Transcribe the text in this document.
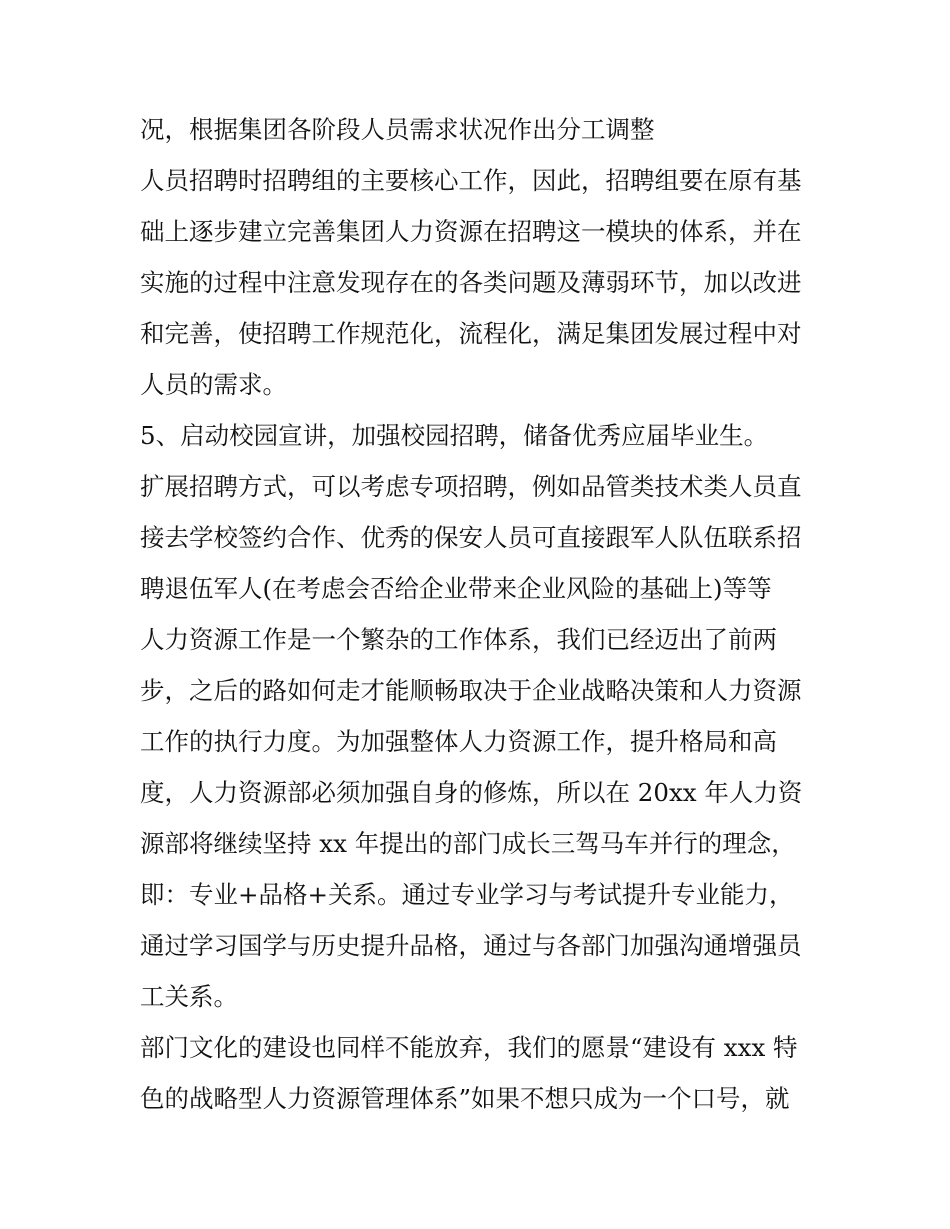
况，根据集团各阶段人员需求状况作出分工调整
人员招聘时招聘组的主要核心工作，因此，招聘组要在原有基
础上逐步建立完善集团人力资源在招聘这一模块的体系，并在
实施的过程中注意发现存在的各类问题及薄弱环节，加以改进
和完善，使招聘工作规范化，流程化，满足集团发展过程中对
人员的需求。
5、启动校园宣讲，加强校园招聘，储备优秀应届毕业生。
扩展招聘方式，可以考虑专项招聘，例如品管类技术类人员直
接去学校签约合作、优秀的保安人员可直接跟军人队伍联系招
聘退伍军人(在考虑会否给企业带来企业风险的基础上)等等
人力资源工作是一个繁杂的工作体系，我们已经迈出了前两
步，之后的路如何走才能顺畅取决于企业战略决策和人力资源
工作的执行力度。为加强整体人力资源工作，提升格局和高
度，人力资源部必须加强自身的修炼，所以在 20xx 年人力资
源部将继续坚持 xx 年提出的部门成长三驾马车并行的理念，
即：专业+品格+关系。通过专业学习与考试提升专业能力，
通过学习国学与历史提升品格，通过与各部门加强沟通增强员
工关系。
部门文化的建设也同样不能放弃，我们的愿景“建设有 xxx 特
色的战略型人力资源管理体系”如果不想只成为一个口号，就
